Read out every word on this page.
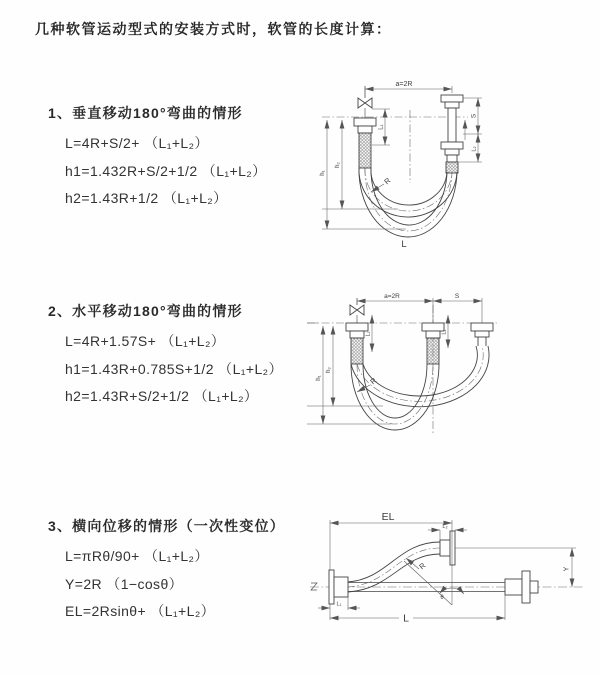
几种软管运动型式的安装方式时，软管的长度计算：
1、垂直移动180°弯曲的情形
L=4R+S/2+ （L₁+L₂）
h1=1.432R+S/2+1/2 （L₁+L₂）
h2=1.43R+1/2 （L₁+L₂）
2、水平移动180°弯曲的情形
L=4R+1.57S+ （L₁+L₂）
h1=1.43R+0.785S+1/2 （L₁+L₂）
h2=1.43R+S/2+1/2 （L₁+L₂）
3、横向位移的情形（一次性变位）
L=πRθ/90+ （L₁+L₂）
Y=2R （1−cosθ）
EL=2Rsinθ+ （L₁+L₂）
a=2R
L₁
S
L₂
h₁
h₂
R
L
a=2R	S
L₁	L₂
h₁
h₂
R
EL
L₂
Y
R
θ
L₁
L
